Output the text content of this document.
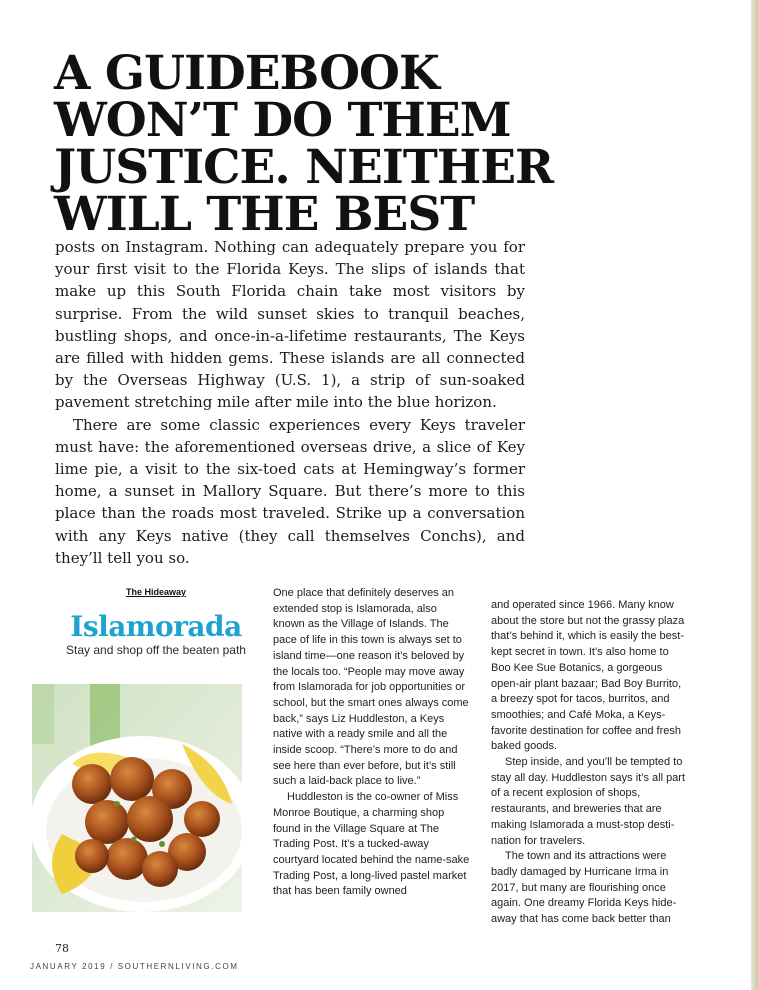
A GUIDEBOOK
WON’T DO THEM
JUSTICE. NEITHER
WILL THE BEST

posts on Instagram. Nothing can adequately prepare you for your first visit to the Florida Keys. The slips of islands that make up this South Florida chain take most visitors by surprise. From the wild sunset skies to tranquil beaches, bustling shops, and once-in-a-lifetime restaurants, The Keys are filled with hidden gems. These islands are all connected by the Overseas Highway (U.S. 1), a strip of sun-soaked pavement stretching mile after mile into the blue horizon.

There are some classic experiences every Keys traveler must have: the aforementioned overseas drive, a slice of Key lime pie, a visit to the six-toed cats at Hemingway’s former home, a sunset in Mallory Square. But there’s more to this place than the roads most traveled. Strike up a conversation with any Keys native (they call themselves Conchs), and they’ll tell you so.

The Hideaway
Islamorada
Stay and shop off the beaten path

One place that definitely deserves an extended stop is Islamorada, also known as the Village of Islands. The pace of life in this town is always set to island time—one reason it’s beloved by the locals too. “People may move away from Islamorada for job opportunities or school, but the smart ones always come back,” says Liz Huddleston, a Keys native with a ready smile and all the inside scoop. “There’s more to do and see here than ever before, but it’s still such a laid-back place to live.”

Huddleston is the co-owner of Miss Monroe Boutique, a charming shop found in the Village Square at The Trading Post. It’s a tucked-away courtyard located behind the name-sake Trading Post, a long-lived pastel market that has been family owned

and operated since 1966. Many know about the store but not the grassy plaza that’s behind it, which is easily the best-kept secret in town. It’s also home to Boo Kee Sue Botanics, a gorgeous open-air plant bazaar; Bad Boy Burrito, a breezy spot for tacos, burritos, and smoothies; and Café Moka, a Keys-favorite destination for coffee and fresh baked goods.

Step inside, and you’ll be tempted to stay all day. Huddleston says it’s all part of a recent explosion of shops, restaurants, and breweries that are making Islamorada a must-stop desti-nation for travelers.

The town and its attractions were badly damaged by Hurricane Irma in 2017, but many are flourishing once again. One dreamy Florida Keys hide-away that has come back better than

78
JANUARY 2019 / SOUTHERNLIVING.COM
